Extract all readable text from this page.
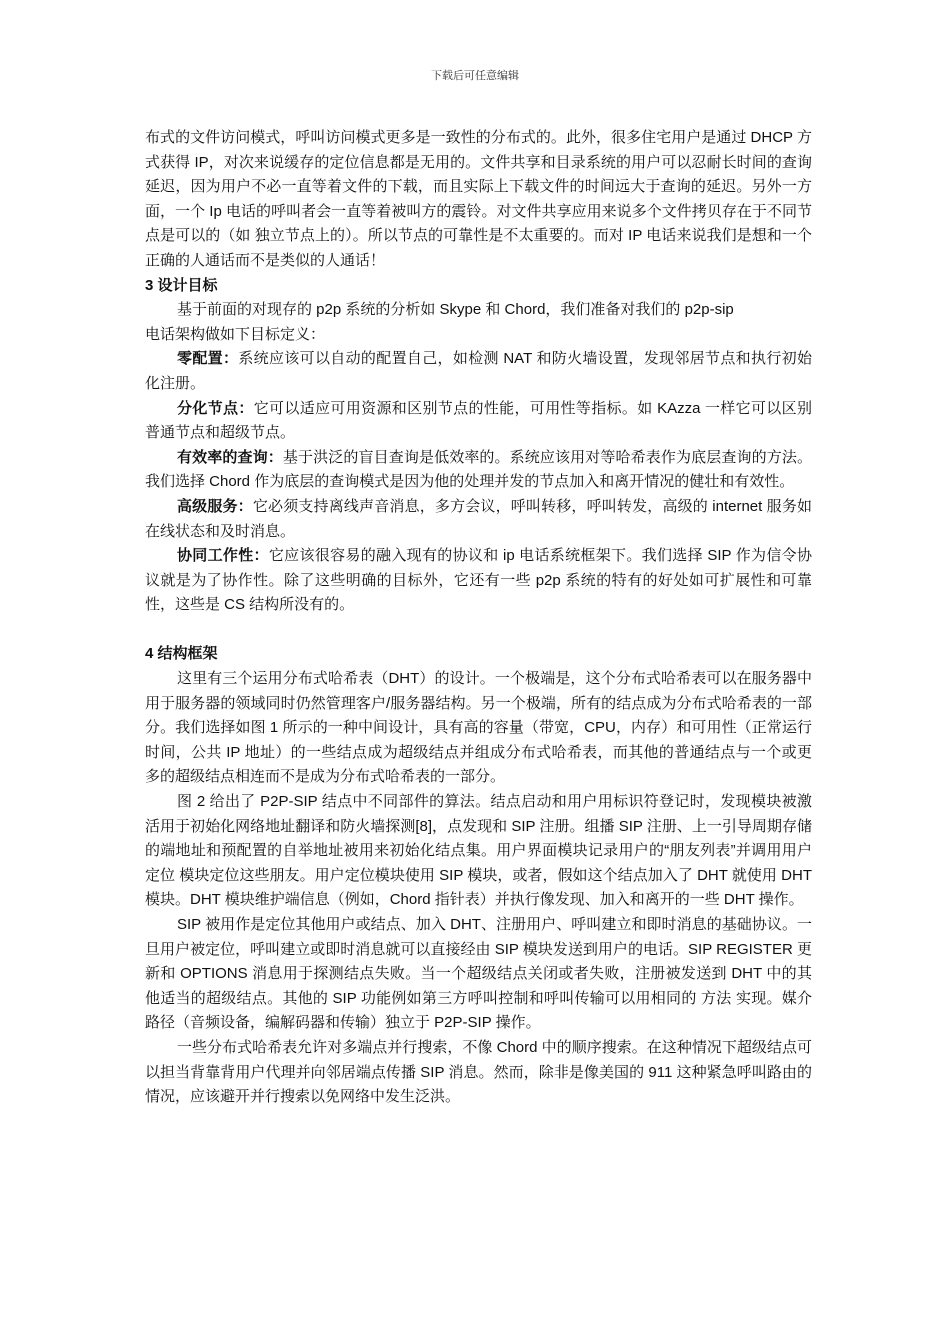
下载后可任意编辑

布式的文件访问模式，呼叫访问模式更多是一致性的分布式的。此外，很多住宅用户是通过 DHCP 方式获得 IP，对次来说缓存的定位信息都是无用的。文件共享和目录系统的用户可以忍耐长时间的查询延迟，因为用户不必一直等着文件的下载，而且实际上下载文件的时间远大于查询的延迟。另外一方面，一个 Ip 电话的呼叫者会一直等着被叫方的震铃。对文件共享应用来说多个文件拷贝存在于不同节点是可以的（如 独立节点上的）。所以节点的可靠性是不太重要的。而对 IP 电话来说我们是想和一个正确的人通话而不是类似的人通话！

3 设计目标

基于前面的对现存的 p2p 系统的分析如 Skype 和 Chord，我们准备对我们的 p2p-sip

电话架构做如下目标定义：

零配置：系统应该可以自动的配置自己，如检测 NAT 和防火墙设置，发现邻居节点和执行初始化注册。

分化节点：它可以适应可用资源和区别节点的性能，可用性等指标。如 KAzza 一样它可以区别普通节点和超级节点。

有效率的查询：基于洪泛的盲目查询是低效率的。系统应该用对等哈希表作为底层查询的方法。我们选择 Chord 作为底层的查询模式是因为他的处理并发的节点加入和离开情况的健壮和有效性。

高级服务：它必须支持离线声音消息，多方会议，呼叫转移，呼叫转发，高级的 internet 服务如在线状态和及时消息。

协同工作性：它应该很容易的融入现有的协议和 ip 电话系统框架下。我们选择 SIP 作为信令协议就是为了协作性。除了这些明确的目标外，它还有一些 p2p 系统的特有的好处如可扩展性和可靠性，这些是 CS 结构所没有的。

4 结构框架

这里有三个运用分布式哈希表（DHT）的设计。一个极端是，这个分布式哈希表可以在服务器中用于服务器的领域同时仍然管理客户/服务器结构。另一个极端，所有的结点成为分布式哈希表的一部分。我们选择如图 1 所示的一种中间设计，具有高的容量（带宽，CPU，内存）和可用性（正常运行时间，公共 IP 地址）的一些结点成为超级结点并组成分布式哈希表，而其他的普通结点与一个或更多的超级结点相连而不是成为分布式哈希表的一部分。

图 2 给出了 P2P-SIP 结点中不同部件的算法。结点启动和用户用标识符登记时，发现模块被激活用于初始化网络地址翻译和防火墙探测[8]，点发现和 SIP 注册。组播 SIP 注册、上一引导周期存储的端地址和预配置的自举地址被用来初始化结点集。用户界面模块记录用户的“朋友列表”并调用用户定位 模块定位这些朋友。用户定位模块使用 SIP 模块，或者，假如这个结点加入了 DHT 就使用 DHT 模块。DHT 模块维护端信息（例如，Chord 指针表）并执行像发现、加入和离开的一些 DHT 操作。

SIP 被用作是定位其他用户或结点、加入 DHT、注册用户、呼叫建立和即时消息的基础协议。一旦用户被定位，呼叫建立或即时消息就可以直接经由 SIP 模块发送到用户的电话。SIP REGISTER 更新和 OPTIONS 消息用于探测结点失败。当一个超级结点关闭或者失败，注册被发送到 DHT 中的其他适当的超级结点。其他的 SIP 功能例如第三方呼叫控制和呼叫传输可以用相同的 方法 实现。媒介路径（音频设备，编解码器和传输）独立于 P2P-SIP 操作。

一些分布式哈希表允许对多端点并行搜索，不像 Chord 中的顺序搜索。在这种情况下超级结点可以担当背靠背用户代理并向邻居端点传播 SIP 消息。然而，除非是像美国的 911 这种紧急呼叫路由的情况，应该避开并行搜索以免网络中发生泛洪。
